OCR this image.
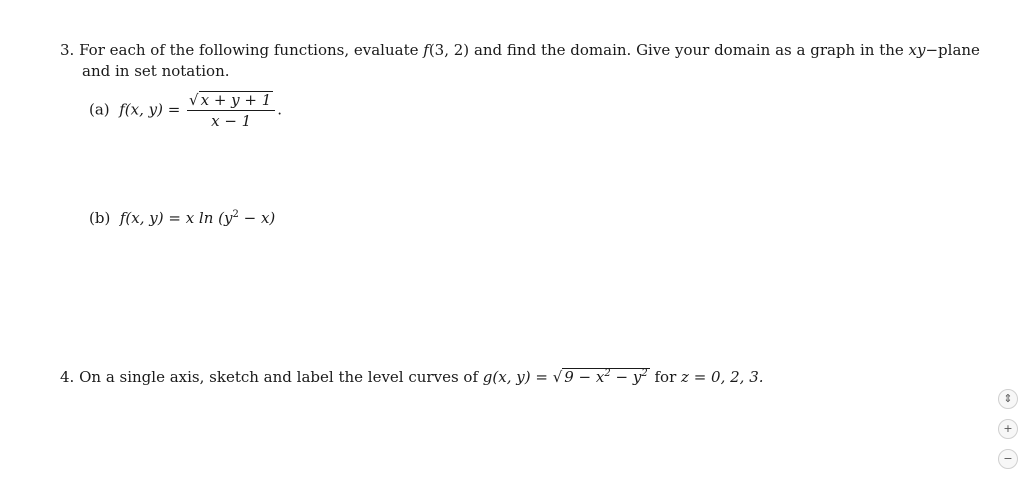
3. For each of the following functions, evaluate f(3, 2) and find the domain. Give your domain as a graph in the xy−plane
and in set notation.
(a) f(x, $y) = \frac{√ x + y + 1}{x - 1}$ .
(b) f(x, y) = x $\ln (y^2 - x)$
4. On a single axis, sketch and label the level curves of g(x, y) = √ $9 - x^2 - y^2$ for z = 0, 2, 3.
⇕
+
−
